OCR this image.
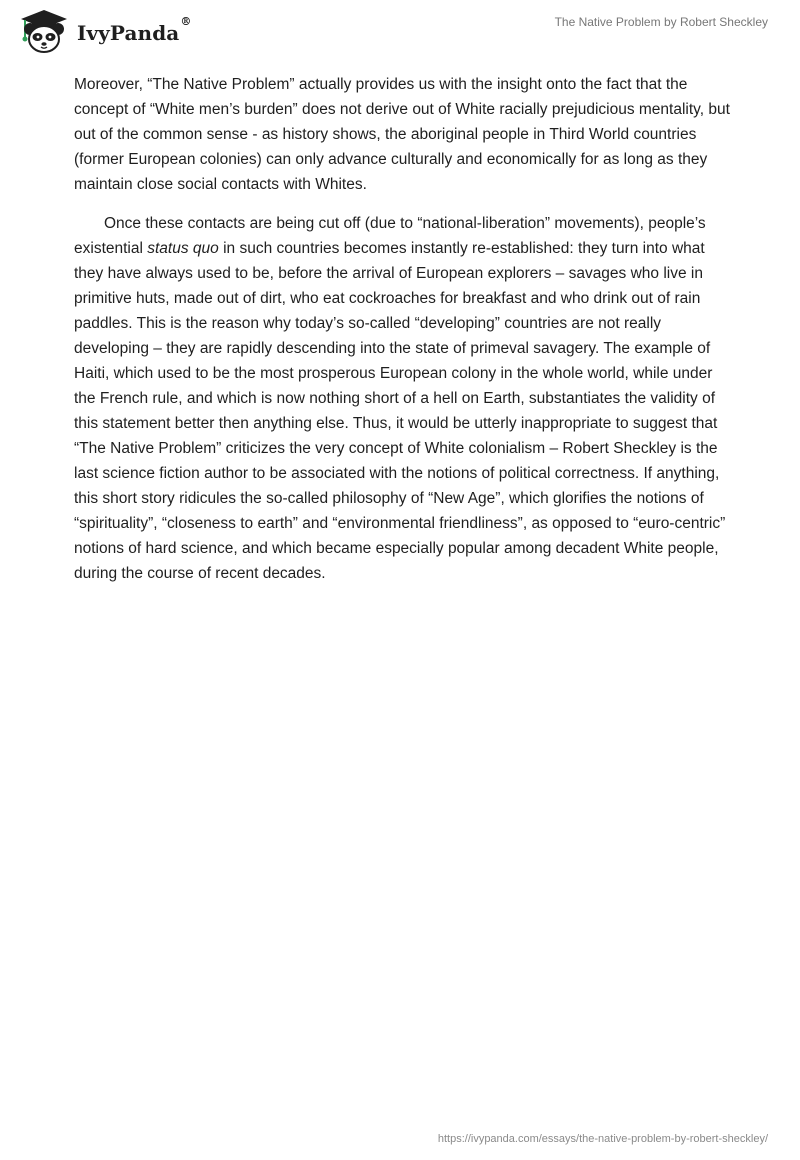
IvyPanda®	The Native Problem by Robert Sheckley

Moreover, “The Native Problem” actually provides us with the insight onto the fact that the concept of “White men’s burden” does not derive out of White racially prejudicious mentality, but out of the common sense - as history shows, the aboriginal people in Third World countries (former European colonies) can only advance culturally and economically for as long as they maintain close social contacts with Whites.

Once these contacts are being cut off (due to “national-liberation” movements), people’s existential status quo in such countries becomes instantly re-established: they turn into what they have always used to be, before the arrival of European explorers – savages who live in primitive huts, made out of dirt, who eat cockroaches for breakfast and who drink out of rain paddles. This is the reason why today’s so-called “developing” countries are not really developing – they are rapidly descending into the state of primeval savagery. The example of Haiti, which used to be the most prosperous European colony in the whole world, while under the French rule, and which is now nothing short of a hell on Earth, substantiates the validity of this statement better then anything else. Thus, it would be utterly inappropriate to suggest that “The Native Problem” criticizes the very concept of White colonialism – Robert Sheckley is the last science fiction author to be associated with the notions of political correctness. If anything, this short story ridicules the so-called philosophy of “New Age”, which glorifies the notions of “spirituality”, “closeness to earth” and “environmental friendliness”, as opposed to “euro-centric” notions of hard science, and which became especially popular among decadent White people, during the course of recent decades.

https://ivypanda.com/essays/the-native-problem-by-robert-sheckley/
